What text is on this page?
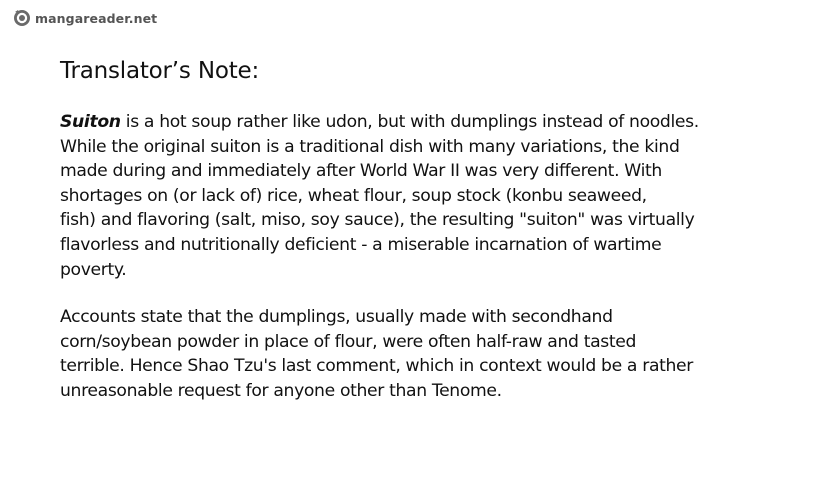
mangareader.net
Translator’s Note:
Suiton is a hot soup rather like udon, but with dumplings instead of noodles.
While the original suiton is a traditional dish with many variations, the kind
made during and immediately after World War II was very different. With
shortages on (or lack of) rice, wheat flour, soup stock (konbu seaweed,
fish) and flavoring (salt, miso, soy sauce), the resulting "suiton" was virtually
flavorless and nutritionally deficient - a miserable incarnation of wartime
poverty.
Accounts state that the dumplings, usually made with secondhand
corn/soybean powder in place of flour, were often half-raw and tasted
terrible. Hence Shao Tzu's last comment, which in context would be a rather
unreasonable request for anyone other than Tenome.
